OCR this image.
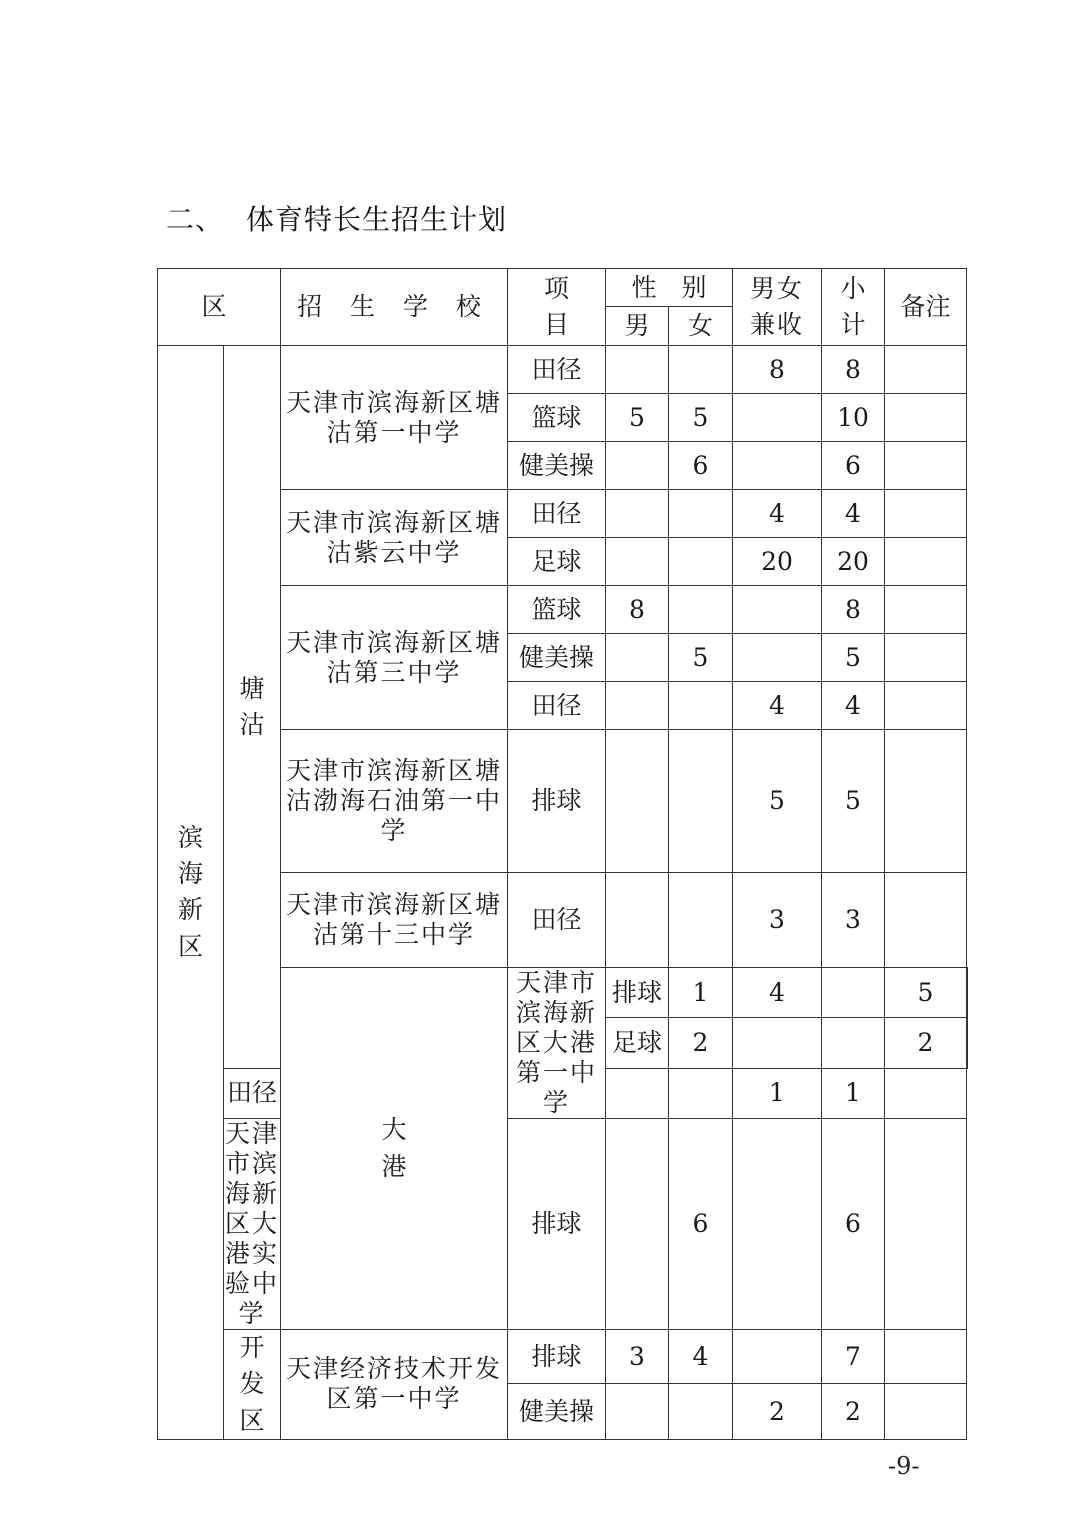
二、 体育特长生招生计划
区		招 生 学 校	项目	性　别		男女兼收	小计	备注	
				男	女				
滨海新区	塘沽	天津市滨海新区塘沽第一中学	田径			8	8		
			篮球	5	5		10		
			健美操		6		6		
		天津市滨海新区塘沽紫云中学	田径			4	4		
			足球			20	20		
		天津市滨海新区塘沽第三中学	篮球	8			8		
			健美操		5		5		
			田径			4	4		
		天津市滨海新区塘沽渤海石油第一中学	排球			5	5		
		天津市滨海新区塘沽第十三中学	田径			3	3		
		大港	天津市滨海新区大港第一中学	排球	1	4		5	
				足球	2			2	
	田径					1	1		
	天津市滨海新区大港实验中学		排球		6		6		
	开发区	天津经济技术开发区第一中学	排球	3	4		7		
			健美操			2	2		
-9-
